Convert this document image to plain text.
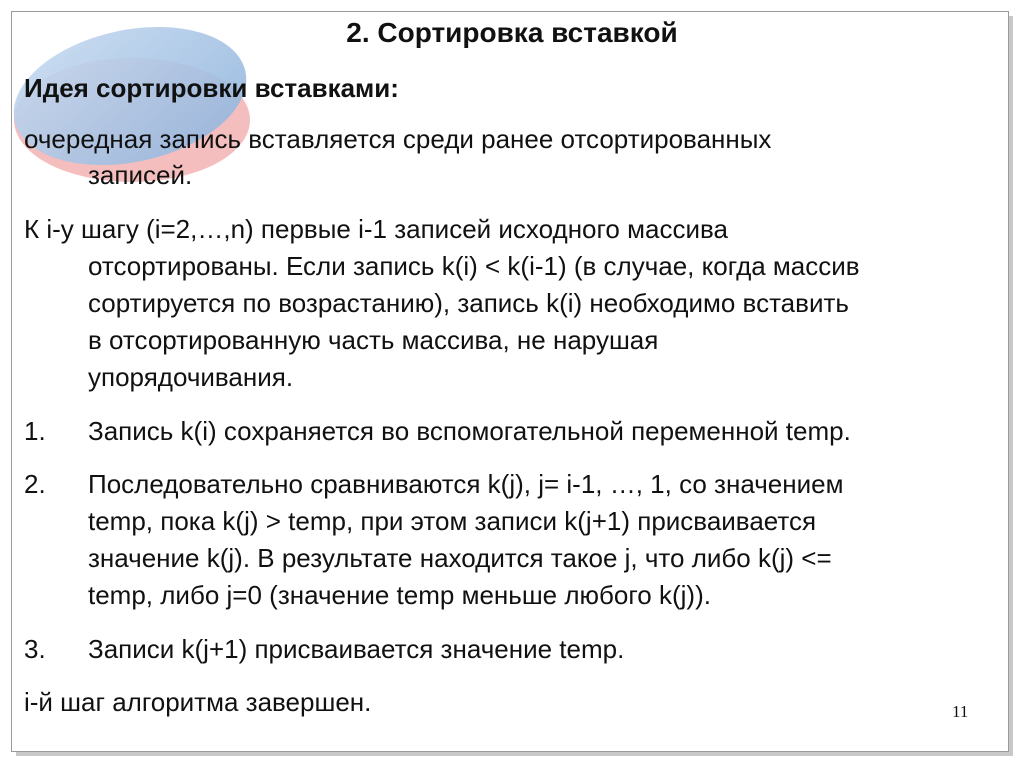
2. Сортировка вставкой
Идея сортировки вставками:
очередная запись вставляется среди ранее отсортированных
записей.
К i-у шагу (i=2,…,n) первые i-1 записей исходного массива
отсортированы. Если запись k(i) < k(i-1) (в случае, когда массив
сортируется по возрастанию), запись k(i) необходимо вставить
в отсортированную часть массива, не нарушая
упорядочивания.
1. Запись k(i) сохраняется во вспомогательной переменной temp.
2. Последовательно сравниваются k(j), j= i-1, …, 1, со значением
temp, пока k(j) > temp, при этом записи k(j+1) присваивается
значение k(j). В результате находится такое j, что либо k(j) <=
temp, либо j=0 (значение temp меньше любого k(j)).
3. Записи k(j+1) присваивается значение temp.
i-й шаг алгоритма завершен.	11
